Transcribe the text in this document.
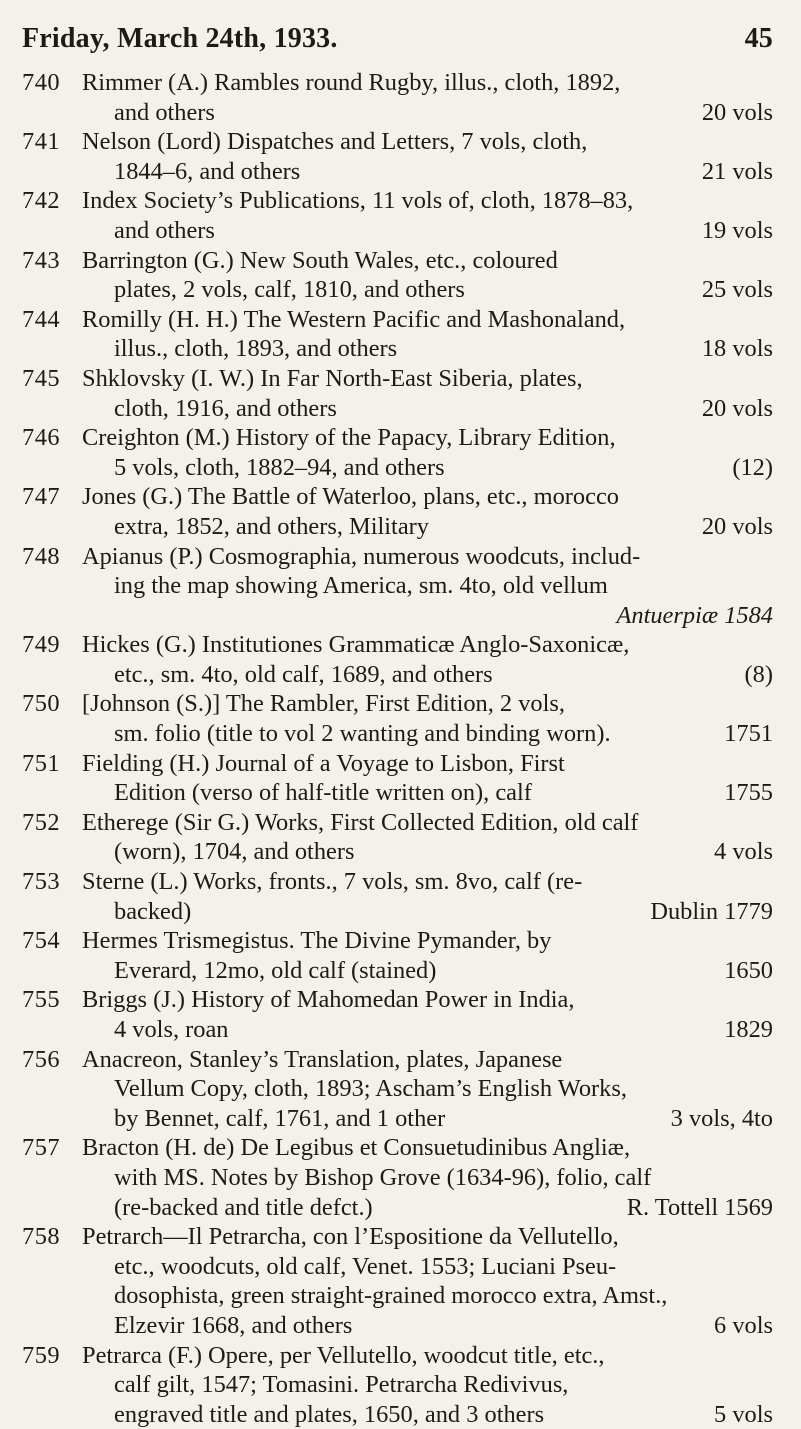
Friday, March 24th, 1933.	45
740 Rimmer (A.) Rambles round Rugby, illus., cloth, 1892,
and others	20 vols
741 Nelson (Lord) Dispatches and Letters, 7 vols, cloth,
1844–6, and others	21 vols
742 Index Society’s Publications, 11 vols of, cloth, 1878–83,
and others	19 vols
743 Barrington (G.) New South Wales, etc., coloured
plates, 2 vols, calf, 1810, and others	25 vols
744 Romilly (H. H.) The Western Pacific and Mashonaland,
illus., cloth, 1893, and others	18 vols
745 Shklovsky (I. W.) In Far North-East Siberia, plates,
cloth, 1916, and others	20 vols
746 Creighton (M.) History of the Papacy, Library Edition,
5 vols, cloth, 1882–94, and others	(12)
747 Jones (G.) The Battle of Waterloo, plans, etc., morocco
extra, 1852, and others, Military	20 vols
748 Apianus (P.) Cosmographia, numerous woodcuts, includ-
ing the map showing America, sm. 4to, old vellum
Antuerpiæ 1584
749 Hickes (G.) Institutiones Grammaticæ Anglo-Saxonicæ,
etc., sm. 4to, old calf, 1689, and others	(8)
750 [Johnson (S.)] The Rambler, First Edition, 2 vols,
sm. folio (title to vol 2 wanting and binding worn).	1751
751 Fielding (H.) Journal of a Voyage to Lisbon, First
Edition (verso of half-title written on), calf	1755
752 Etherege (Sir G.) Works, First Collected Edition, old calf
(worn), 1704, and others	4 vols
753 Sterne (L.) Works, fronts., 7 vols, sm. 8vo, calf (re-
backed)	Dublin 1779
754 Hermes Trismegistus. The Divine Pymander, by
Everard, 12mo, old calf (stained)	1650
755 Briggs (J.) History of Mahomedan Power in India,
4 vols, roan	1829
756 Anacreon, Stanley’s Translation, plates, Japanese
Vellum Copy, cloth, 1893; Ascham’s English Works,
by Bennet, calf, 1761, and 1 other	3 vols, 4to
757 Bracton (H. de) De Legibus et Consuetudinibus Angliæ,
with MS. Notes by Bishop Grove (1634-96), folio, calf
(re-backed and title defct.)	R. Tottell 1569
758 Petrarch—Il Petrarcha, con l’Espositione da Vellutello,
etc., woodcuts, old calf, Venet. 1553; Luciani Pseu-
dosophista, green straight-grained morocco extra, Amst.,
Elzevir 1668, and others	6 vols
759 Petrarca (F.) Opere, per Vellutello, woodcut title, etc.,
calf gilt, 1547; Tomasini. Petrarcha Redivivus,
engraved title and plates, 1650, and 3 others	5 vols
